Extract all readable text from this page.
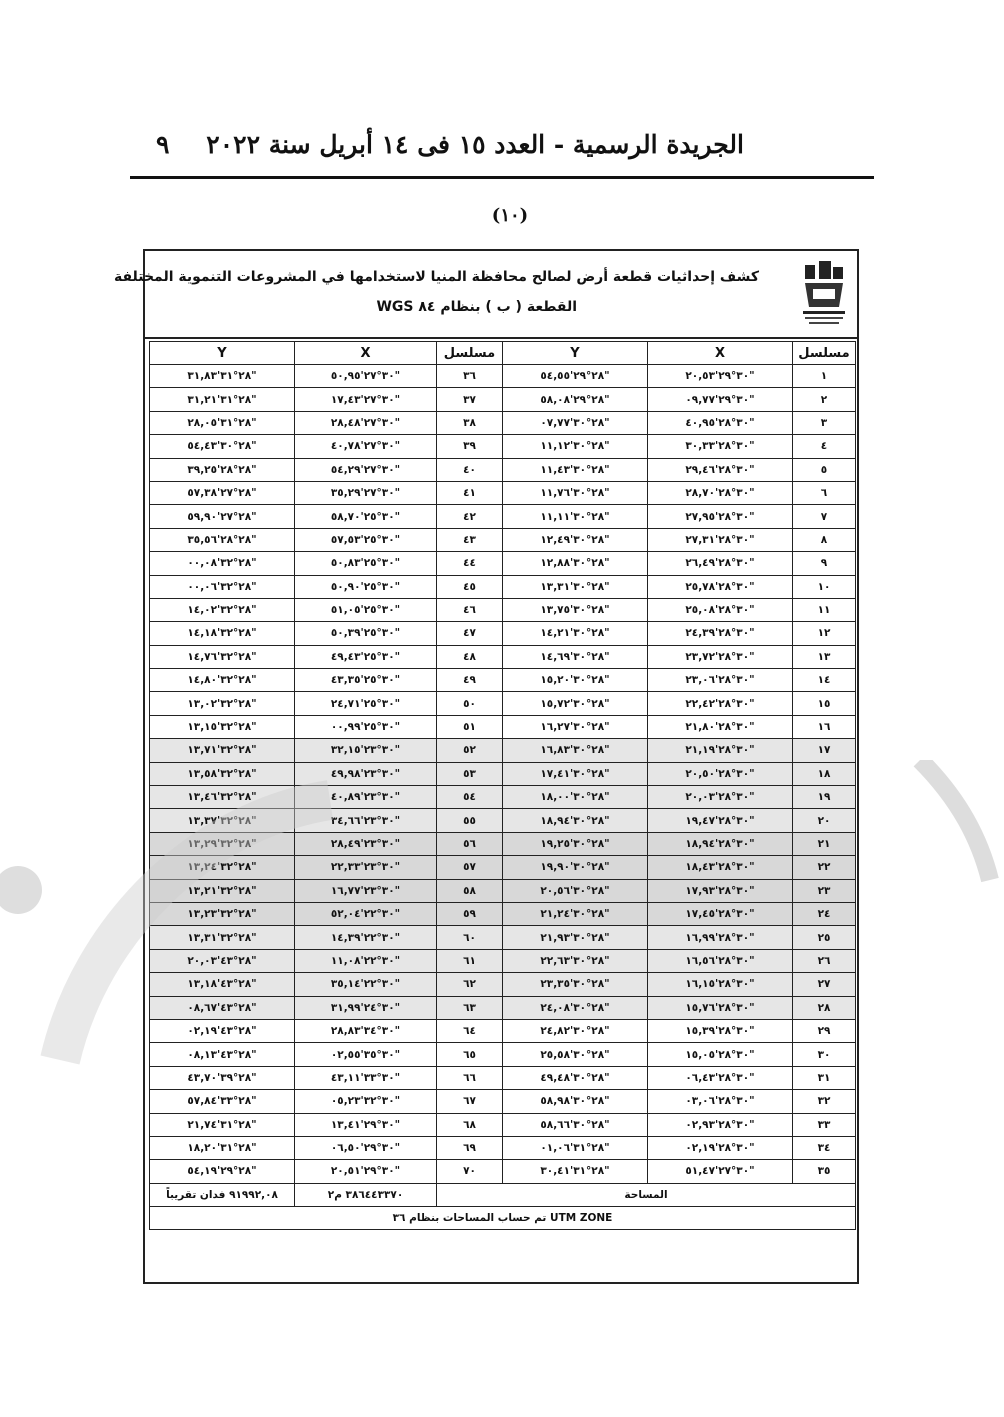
الجريدة الرسمية - العدد ١٥ فى ١٤ أبريل سنة ٢٠٢٢
٩
(١٠)
كشف إحداثيات قطعة أرض لصالح محافظة المنيا لاستخدامها في المشروعات التنموية المختلفة
القطعة ( ب ) بنظام ٨٤ WGS
Y	X	مسلسل	Y	X	مسلسل
٢٨°٣١'٣١,٨٣"	٣٠°٢٧'٥٠,٩٥"	٣٦	٢٨°٢٩'٥٤,٥٥"	٣٠°٢٩'٢٠,٥٣"	١
٢٨°٣١'٣١,٢١"	٣٠°٢٧'١٧,٤٣"	٣٧	٢٨°٢٩'٥٨,٠٨"	٣٠°٢٩'٠٩,٧٧"	٢
٢٨°٣١'٢٨,٠٥"	٣٠°٢٧'٢٨,٤٨"	٣٨	٢٨°٣٠'٠٧,٧٧"	٣٠°٢٨'٤٠,٩٥"	٣
٢٨°٣٠'٥٤,٤٣"	٣٠°٢٧'٤٠,٧٨"	٣٩	٢٨°٣٠'١١,١٢"	٣٠°٢٨'٣٠,٣٣"	٤
٢٨°٢٨'٣٩,٢٥"	٣٠°٢٧'٥٤,٢٩"	٤٠	٢٨°٣٠'١١,٤٣"	٣٠°٢٨'٢٩,٤٦"	٥
٢٨°٢٧'٥٧,٣٨"	٣٠°٢٧'٣٥,٢٩"	٤١	٢٨°٣٠'١١,٧٦"	٣٠°٢٨'٢٨,٧٠"	٦
٢٨°٢٧'٥٩,٩٠"	٣٠°٢٥'٥٨,٧٠"	٤٢	٢٨°٣٠'١١,١١"	٣٠°٢٨'٢٧,٩٥"	٧
٢٨°٢٨'٣٥,٥٦"	٣٠°٢٥'٥٧,٥٣"	٤٣	٢٨°٣٠'١٢,٤٩"	٣٠°٢٨'٢٧,٣١"	٨
٢٨°٣٢'٠٠,٠٨"	٣٠°٢٥'٥٠,٨٣"	٤٤	٢٨°٣٠'١٢,٨٨"	٣٠°٢٨'٢٦,٤٩"	٩
٢٨°٣٢'٠٠,٠٦"	٣٠°٢٥'٥٠,٩٠"	٤٥	٢٨°٣٠'١٣,٣١"	٣٠°٢٨'٢٥,٧٨"	١٠
٢٨°٣٢'١٤,٠٢"	٣٠°٢٥'٥١,٠٥"	٤٦	٢٨°٣٠'١٣,٧٥"	٣٠°٢٨'٢٥,٠٨"	١١
٢٨°٣٢'١٤,١٨"	٣٠°٢٥'٥٠,٣٩"	٤٧	٢٨°٣٠'١٤,٢١"	٣٠°٢٨'٢٤,٣٩"	١٢
٢٨°٣٢'١٤,٧٦"	٣٠°٢٥'٤٩,٤٣"	٤٨	٢٨°٣٠'١٤,٦٩"	٣٠°٢٨'٢٣,٧٢"	١٣
٢٨°٣٢'١٤,٨٠"	٣٠°٢٥'٤٣,٣٥"	٤٩	٢٨°٣٠'١٥,٢٠"	٣٠°٢٨'٢٣,٠٦"	١٤
٢٨°٣٢'١٣,٠٢"	٣٠°٢٥'٢٤,٧١"	٥٠	٢٨°٣٠'١٥,٧٢"	٣٠°٢٨'٢٢,٤٢"	١٥
٢٨°٣٢'١٣,١٥"	٣٠°٢٥'٠٠,٩٩"	٥١	٢٨°٣٠'١٦,٢٧"	٣٠°٢٨'٢١,٨٠"	١٦
٢٨°٣٢'١٣,٧١"	٣٠°٢٣'٣٢,١٥"	٥٢	٢٨°٣٠'١٦,٨٣"	٣٠°٢٨'٢١,١٩"	١٧
٢٨°٣٢'١٣,٥٨"	٣٠°٢٣'٤٩,٩٨"	٥٣	٢٨°٣٠'١٧,٤١"	٣٠°٢٨'٢٠,٥٠"	١٨
٢٨°٣٢'١٣,٤٦"	٣٠°٢٣'٤٠,٨٩"	٥٤	٢٨°٣٠'١٨,٠٠"	٣٠°٢٨'٢٠,٠٣"	١٩
٢٨°٣٢'١٣,٣٧"	٣٠°٢٣'٣٤,٦٦"	٥٥	٢٨°٣٠'١٨,٩٤"	٣٠°٢٨'١٩,٤٧"	٢٠
٢٨°٣٢'١٣,٢٩"	٣٠°٢٣'٢٨,٤٩"	٥٦	٢٨°٣٠'١٩,٢٥"	٣٠°٢٨'١٨,٩٤"	٢١
٢٨°٣٢'١٣,٢٤"	٣٠°٢٣'٢٢,٣٣"	٥٧	٢٨°٣٠'١٩,٩٠"	٣٠°٢٨'١٨,٤٣"	٢٢
٢٨°٣٢'١٣,٢١"	٣٠°٢٣'١٦,٧٧"	٥٨	٢٨°٣٠'٢٠,٥٦"	٣٠°٢٨'١٧,٩٣"	٢٣
٢٨°٣٢'١٣,٢٣"	٣٠°٢٢'٥٢,٠٤"	٥٩	٢٨°٣٠'٢١,٢٤"	٣٠°٢٨'١٧,٤٥"	٢٤
٢٨°٣٢'١٣,٣١"	٣٠°٢٢'١٤,٣٩"	٦٠	٢٨°٣٠'٢١,٩٣"	٣٠°٢٨'١٦,٩٩"	٢٥
٢٨°٤٣'٢٠,٠٣"	٣٠°٢٢'١١,٠٨"	٦١	٢٨°٣٠'٢٢,٦٣"	٣٠°٢٨'١٦,٥٦"	٢٦
٢٨°٤٣'١٣,١٨"	٣٠°٢٢'٣٥,١٤"	٦٢	٢٨°٣٠'٢٣,٣٥"	٣٠°٢٨'١٦,١٥"	٢٧
٢٨°٤٣'٠٨,٦٧"	٣٠°٢٤'٣١,٩٩"	٦٣	٢٨°٣٠'٢٤,٠٨"	٣٠°٢٨'١٥,٧٦"	٢٨
٢٨°٤٣'٠٢,١٩"	٣٠°٣٤'٢٨,٨٣"	٦٤	٢٨°٣٠'٢٤,٨٢"	٣٠°٢٨'١٥,٣٩"	٢٩
٢٨°٤٣'٠٨,١٣"	٣٠°٣٥'٠٢,٥٥"	٦٥	٢٨°٣٠'٢٥,٥٨"	٣٠°٢٨'١٥,٠٥"	٣٠
٢٨°٣٩'٤٣,٧٠"	٣٠°٣٣'٤٣,١١"	٦٦	٢٨°٣٠'٤٩,٤٨"	٣٠°٢٨'٠٦,٤٣"	٣١
٢٨°٣٣'٥٧,٨٤"	٣٠°٣٢'٠٥,٢٣"	٦٧	٢٨°٣٠'٥٨,٩٨"	٣٠°٢٨'٠٣,٠٦"	٣٢
٢٨°٣١'٢١,٧٤"	٣٠°٢٩'١٣,٤١"	٦٨	٢٨°٣٠'٥٨,٦٦"	٣٠°٢٨'٠٢,٩٣"	٣٣
٢٨°٣١'١٨,٢٠"	٣٠°٢٩'٠٦,٥٠"	٦٩	٢٨°٣١'٠١,٠٦"	٣٠°٢٨'٠٢,١٩"	٣٤
٢٨°٢٩'٥٤,١٩"	٣٠°٢٩'٢٠,٥١"	٧٠	٢٨°٣١'٣٠,٤١"	٣٠°٢٧'٥١,٤٧"	٣٥
٩١٩٩٢,٠٨ فدان تقريباً	٣٨٦٤٤٣٣٧٠ م٢	المساحة			
تم حساب المساحات بنظام ٣٦ UTM ZONE					
